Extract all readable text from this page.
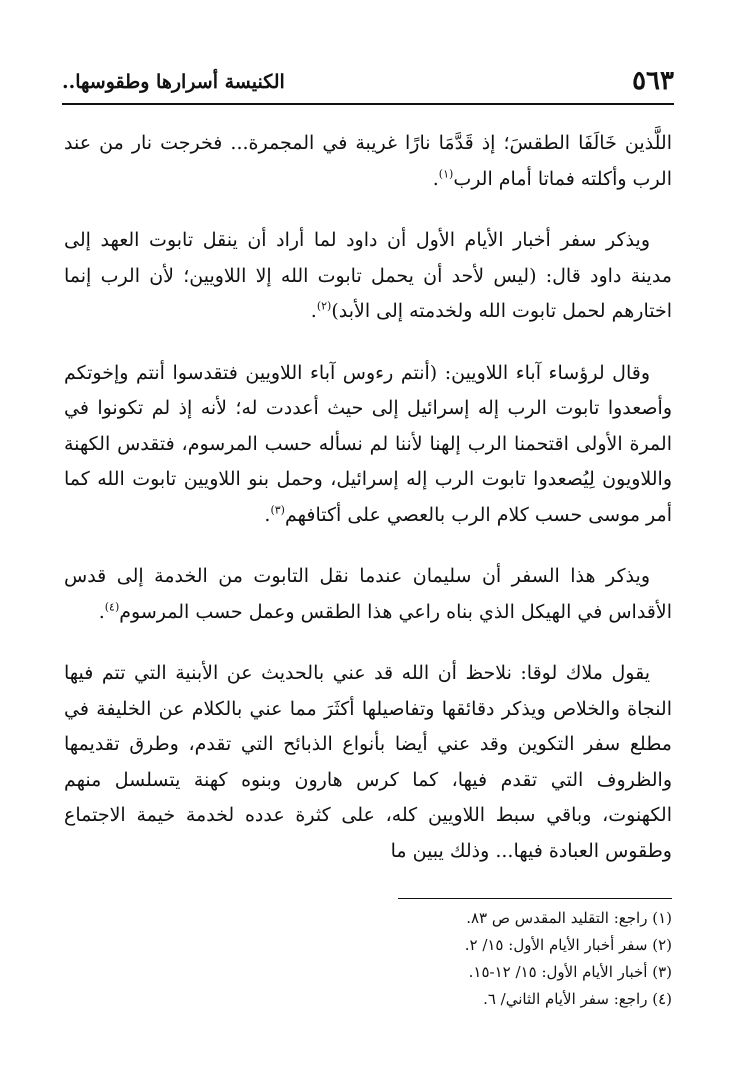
٥٦٣
الكنيسة أسرارها وطقوسها..

اللَّذين خَالَفَا الطقسَ؛ إذ قَدَّمَا نارًا غريبة في المجمرة... فخرجت نار من عند الرب وأكلته فماتا أمام الرب$^{(١)}$.

ويذكر سفر أخبار الأيام الأول أن داود لما أراد أن ينقل تابوت العهد إلى مدينة داود قال: (ليس لأحد أن يحمل تابوت الله إلا اللاويين؛ لأن الرب إنما اختارهم لحمل تابوت الله ولخدمته إلى الأبد)$^{(٢)}$.

وقال لرؤساء آباء اللاويين: (أنتم رءوس آباء اللاويين فتقدسوا أنتم وإخوتكم وأصعدوا تابوت الرب إله إسرائيل إلى حيث أعددت له؛ لأنه إذ لم تكونوا في المرة الأولى اقتحمنا الرب إلهنا لأننا لم نسأله حسب المرسوم، فتقدس الكهنة واللاويون لِيُصعدوا تابوت الرب إله إسرائيل، وحمل بنو اللاويين تابوت الله كما أمر موسى حسب كلام الرب بالعصي على أكتافهم$^{(٣)}$.

ويذكر هذا السفر أن سليمان عندما نقل التابوت من الخدمة إلى قدس الأقداس في الهيكل الذي بناه راعي هذا الطقس وعمل حسب المرسوم$^{(٤)}$.

يقول ملاك لوقا: نلاحظ أن الله قد عني بالحديث عن الأبنية التي تتم فيها النجاة والخلاص ويذكر دقائقها وتفاصيلها أكثَرَ مما عني بالكلام عن الخليفة في مطلع سفر التكوين وقد عني أيضا بأنواع الذبائح التي تقدم، وطرق تقديمها والظروف التي تقدم فيها، كما كرس هارون وبنوه كهنة يتسلسل منهم الكهنوت، وباقي سبط اللاويين كله، على كثرة عدده لخدمة خيمة الاجتماع وطقوس العبادة فيها... وذلك يبين ما

(١) راجع: التقليد المقدس ص ٨٣.

(٢) سفر أخبار الأيام الأول: ١٥/ ٢.

(٣) أخبار الأيام الأول: ١٥/ ١٢-١٥.

(٤) راجع: سفر الأيام الثاني/ ٦.
